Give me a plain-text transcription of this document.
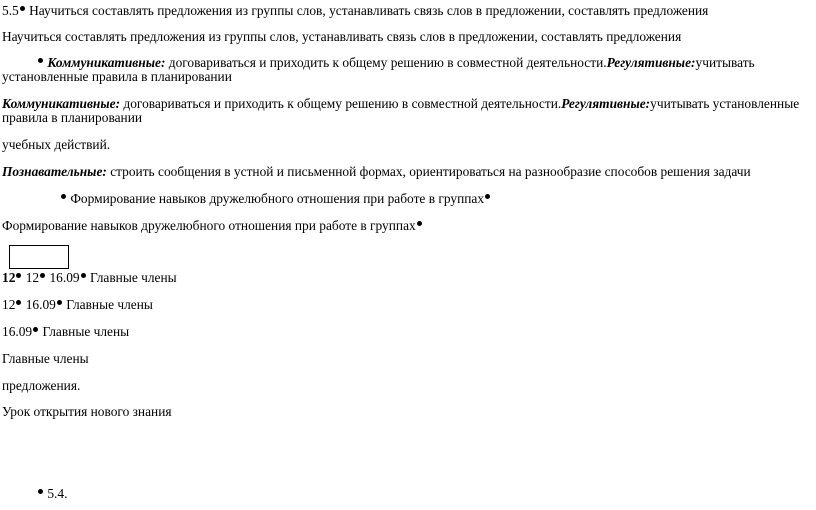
5.5 Научиться составлять предложения из группы слов, устанавливать связь слов в предложении, составлять предложения
Научиться составлять предложения из группы слов, устанавливать связь слов в предложении, составлять предложения
Коммуникативные: договариваться и приходить к общему решению в совместной деятельности.Регулятивные:учитывать
установленные правила в планировании
Коммуникативные: договариваться и приходить к общему решению в совместной деятельности.Регулятивные:учитывать установленные
правила в планировании
учебных действий.
Познавательные: строить сообщения в устной и письменной формах, ориентироваться на разнообразие способов решения задачи
Формирование навыков дружелюбного отношения при работе в группах
Формирование навыков дружелюбного отношения при работе в группах
12 12 16.09 Главные члены
12 16.09 Главные члены
16.09 Главные члены
Главные члены
предложения.
Урок открытия нового знания
5.4.
